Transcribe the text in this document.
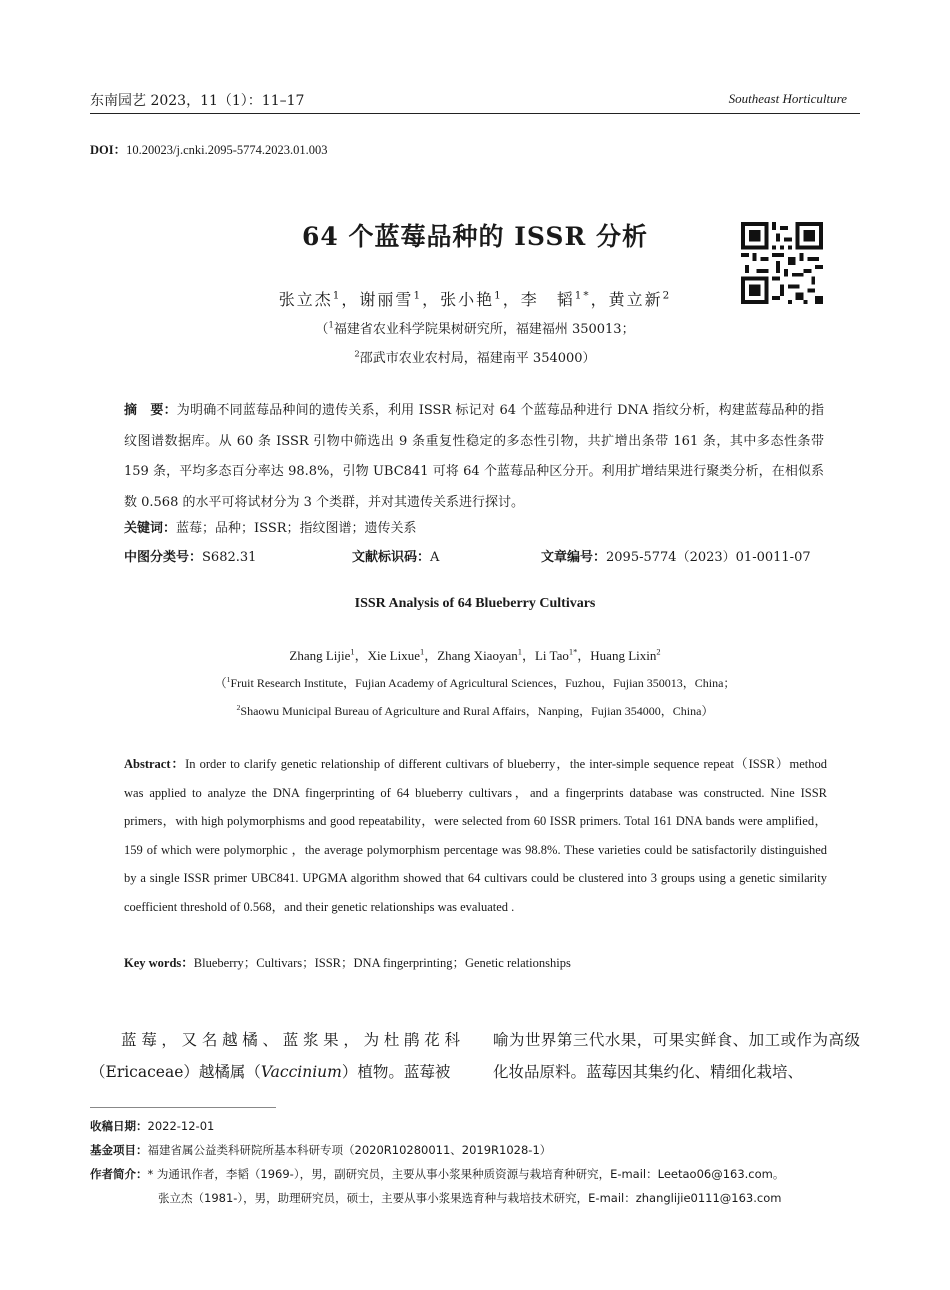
东南园艺 2023，11（1）：11–17	Southeast Horticulture
DOI：10.20023/j.cnki.2095-5774.2023.01.003
64 个蓝莓品种的 ISSR 分析
张立杰$^1$，谢丽雪$^1$，张小艳$^1$，李　韬$^{1*}$，黄立新$^2$
（$^1$福建省农业科学院果树研究所，福建福州 350013；
$^2$邵武市农业农村局，福建南平 354000）
摘　要：为明确不同蓝莓品种间的遗传关系，利用 ISSR 标记对 64 个蓝莓品种进行 DNA 指纹分析，构建蓝莓品种的指纹图谱数据库。从 60 条 ISSR 引物中筛选出 9 条重复性稳定的多态性引物，共扩增出条带 161 条，其中多态性条带 159 条，平均多态百分率达 98.8%，引物 UBC841 可将 64 个蓝莓品种区分开。利用扩增结果进行聚类分析，在相似系数 0.568 的水平可将试材分为 3 个类群，并对其遗传关系进行探讨。
关键词：蓝莓；品种；ISSR；指纹图谱；遗传关系
中图分类号：S682.31	文献标识码：A	文章编号：2095-5774（2023）01-0011-07
ISSR Analysis of 64 Blueberry Cultivars
Zhang Lijie$^1$，Xie Lixue$^1$，Zhang Xiaoyan$^1$，Li Tao$^{1*}$，Huang Lixin$^2$
（$^1$Fruit Research Institute，Fujian Academy of Agricultural Sciences，Fuzhou，Fujian 350013，China；
$^2$Shaowu Municipal Bureau of Agriculture and Rural Affairs，Nanping，Fujian 354000，China）
Abstract：In order to clarify genetic relationship of different cultivars of blueberry，the inter-simple sequence repeat（ISSR）method was applied to analyze the DNA fingerprinting of 64 blueberry cultivars，and a fingerprints database was constructed. Nine ISSR primers，with high polymorphisms and good repeatability，were selected from 60 ISSR primers. Total 161 DNA bands were amplified，159 of which were polymorphic ，the average polymorphism percentage was 98.8%. These varieties could be satisfactorily distinguished by a single ISSR primer UBC841. UPGMA algorithm showed that 64 cultivars could be clustered into 3 groups using a genetic similarity coefficient threshold of 0.568，and their genetic relationships was evaluated .
Key words：Blueberry；Cultivars；ISSR；DNA fingerprinting；Genetic relationships
蓝莓，又名越橘、蓝浆果，为杜鹃花科（Ericaceae）越橘属（Vaccinium）植物。蓝莓被
喻为世界第三代水果，可果实鲜食、加工或作为高级化妆品原料。蓝莓因其集约化、精细化栽培、
收稿日期：2022-12-01
基金项目：福建省属公益类科研院所基本科研专项（2020R10280011、2019R1028-1）
作者简介：* 为通讯作者，李韬（1969-），男，副研究员，主要从事小浆果种质资源与栽培育种研究，E-mail：Leetao06@163.com。
张立杰（1981-），男，助理研究员，硕士，主要从事小浆果选育种与栽培技术研究，E-mail：zhanglijie0111@163.com
